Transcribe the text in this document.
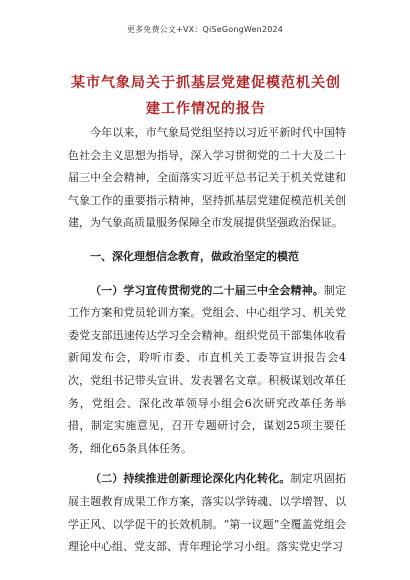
更多免费公文+VX：QiSeGongWen2024
某市气象局关于抓基层党建促模范机关创建工作情况的报告

今年以来，市气象局党组坚持以习近平新时代中国特色社会主义思想为指导，深入学习贯彻党的二十大及二十届三中全会精神，全面落实习近平总书记关于机关党建和气象工作的重要指示精神，坚持抓基层党建促模范机关创建，为气象高质量服务保障全市发展提供坚强政治保证。

一、深化理想信念教育，做政治坚定的模范

（一）学习宣传贯彻党的二十届三中全会精神。制定工作方案和党员轮训方案。党组会、中心组学习、机关党委党支部迅速传达学习全会精神。组织党员干部集体收看新闻发布会，聆听市委、市直机关工委等宣讲报告会4次，党组书记带头宣讲、发表署名文章。积极谋划改革任务，党组会、深化改革领导小组会6次研究改革任务举措，制定实施意见，召开专题研讨会，谋划25项主要任务，细化65条具体任务。

（二）持续推进创新理论深化内化转化。制定巩固拓展主题教育成果工作方案，落实以学铸魂、以学增智、以学正风、以学促干的长效机制。“第一议题”全覆盖党组会理论中心组、党支部、青年理论学习小组。落实党史学习
